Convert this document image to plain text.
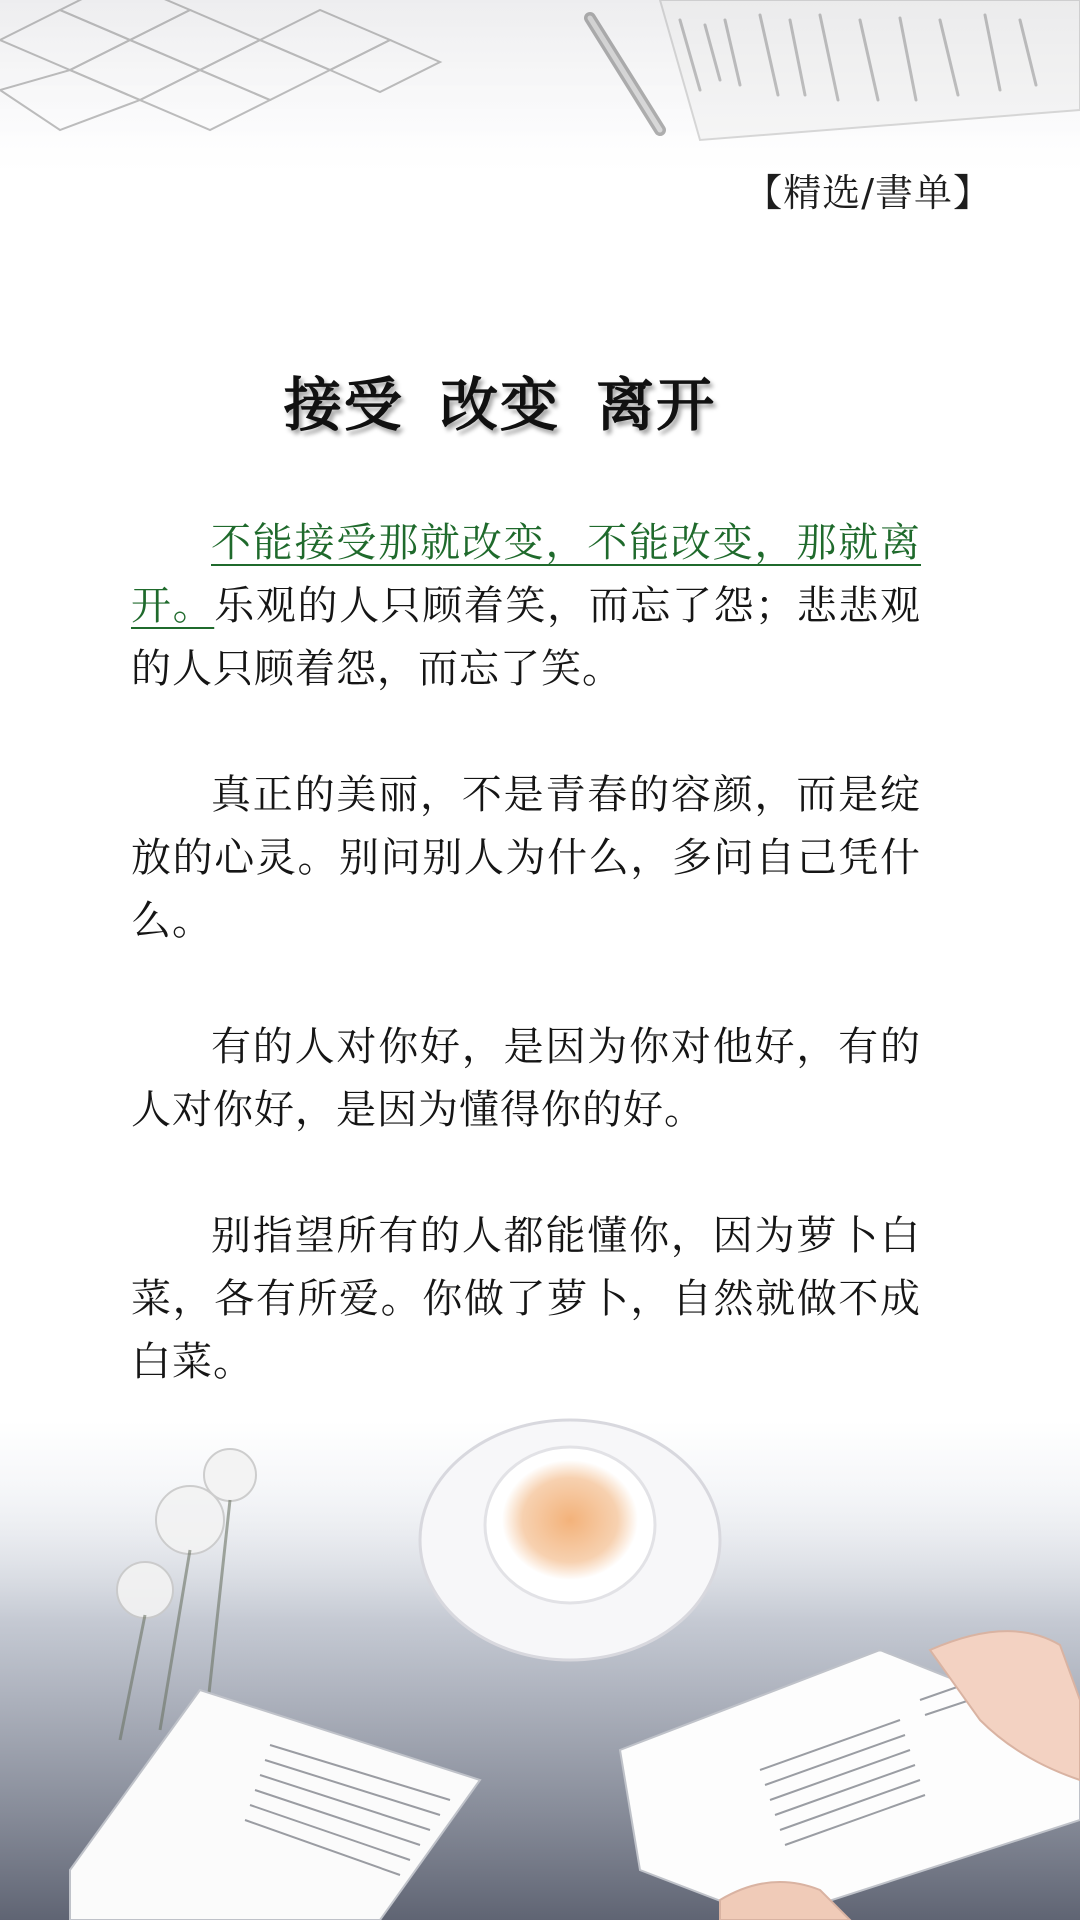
【精选/書单】
接受 改变 离开

不能接受那就改变，不能改变，那就离开。乐观的人只顾着笑，而忘了怨；悲悲观的人只顾着怨，而忘了笑。

真正的美丽，不是青春的容颜，而是绽放的心灵。别问别人为什么，多问自己凭什么。

有的人对你好，是因为你对他好，有的人对你好，是因为懂得你的好。

别指望所有的人都能懂你，因为萝卜白菜，各有所爱。你做了萝卜，自然就做不成白菜。
